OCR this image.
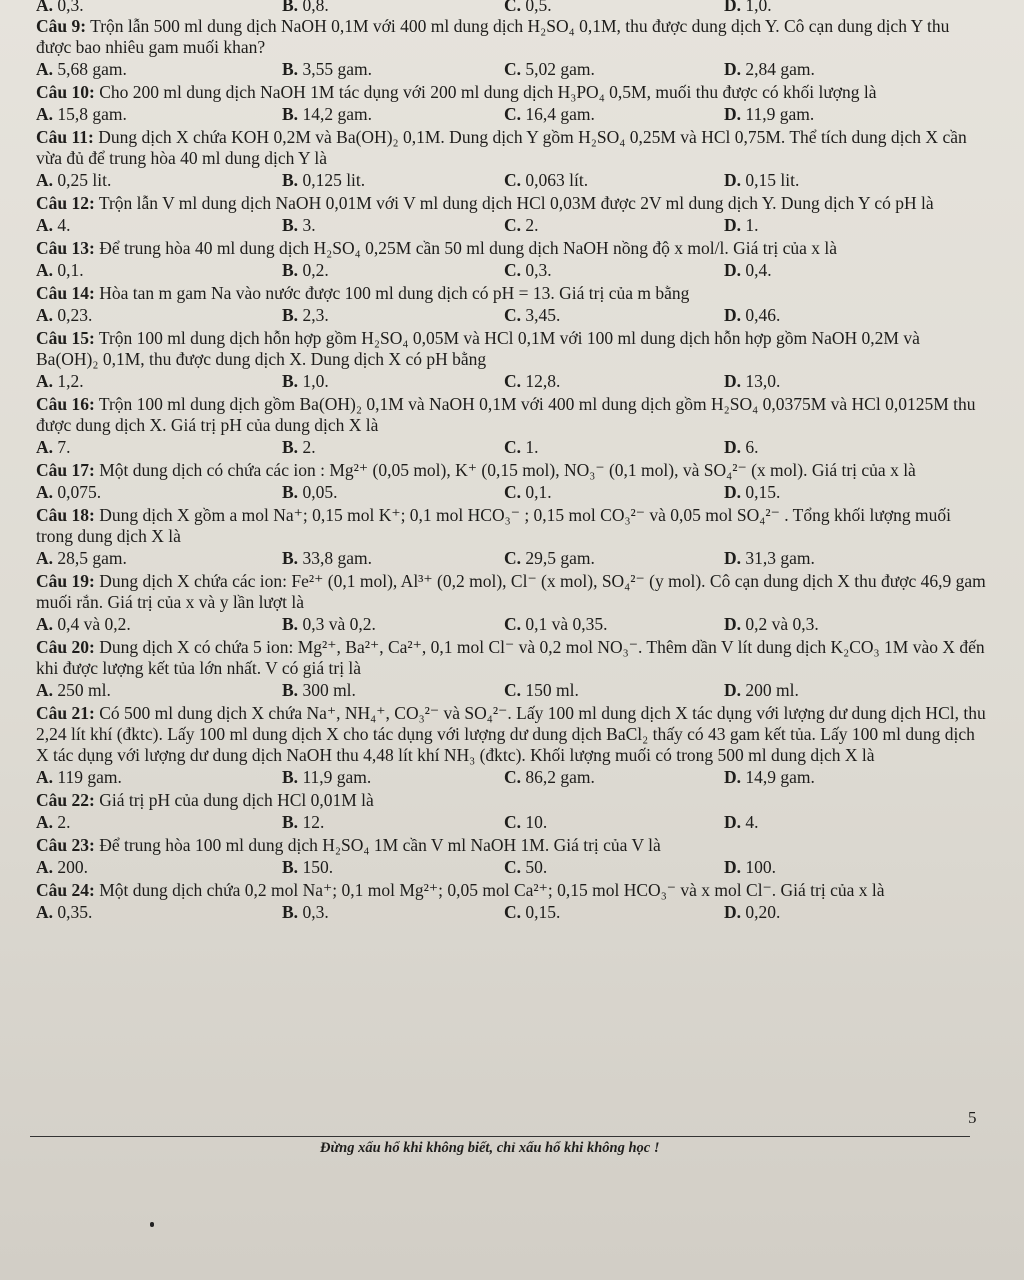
A. 0,3.	B. 0,8.	C. 0,5.	D. 1,0.

Câu 9: Trộn lẫn 500 ml dung dịch NaOH 0,1M với 400 ml dung dịch H₂SO₄ 0,1M, thu được dung dịch Y. Cô cạn dung dịch Y thu được bao nhiêu gam muối khan?

A. 5,68 gam.	B. 3,55 gam.	C. 5,02 gam.	D. 2,84 gam.

Câu 10: Cho 200 ml dung dịch NaOH 1M tác dụng với 200 ml dung dịch H₃PO₄ 0,5M, muối thu được có khối lượng là

A. 15,8 gam.	B. 14,2 gam.	C. 16,4 gam.	D. 11,9 gam.

Câu 11: Dung dịch X chứa KOH 0,2M và Ba(OH)₂ 0,1M. Dung dịch Y gồm H₂SO₄ 0,25M và HCl 0,75M. Thể tích dung dịch X cần vừa đủ để trung hòa 40 ml dung dịch Y là

A. 0,25 lit.	B. 0,125 lit.	C. 0,063 lít.	D. 0,15 lit.

Câu 12: Trộn lẫn V ml dung dịch NaOH 0,01M với V ml dung dịch HCl 0,03M được 2V ml dung dịch Y. Dung dịch Y có pH là

A. 4.	B. 3.	C. 2.	D. 1.

Câu 13: Để trung hòa 40 ml dung dịch H₂SO₄ 0,25M cần 50 ml dung dịch NaOH nồng độ x mol/l. Giá trị của x là

A. 0,1.	B. 0,2.	C. 0,3.	D. 0,4.

Câu 14: Hòa tan m gam Na vào nước được 100 ml dung dịch có pH = 13. Giá trị của m bằng

A. 0,23.	B. 2,3.	C. 3,45.	D. 0,46.

Câu 15: Trộn 100 ml dung dịch hỗn hợp gồm H₂SO₄ 0,05M và HCl 0,1M với 100 ml dung dịch hỗn hợp gồm NaOH 0,2M và Ba(OH)₂ 0,1M, thu được dung dịch X. Dung dịch X có pH bằng

A. 1,2.	B. 1,0.	C. 12,8.	D. 13,0.

Câu 16: Trộn 100 ml dung dịch gồm Ba(OH)₂ 0,1M và NaOH 0,1M với 400 ml dung dịch gồm H₂SO₄ 0,0375M và HCl 0,0125M thu được dung dịch X. Giá trị pH của dung dịch X là

A. 7.	B. 2.	C. 1.	D. 6.

Câu 17: Một dung dịch có chứa các ion : Mg²⁺ (0,05 mol), K⁺ (0,15 mol), NO₃⁻ (0,1 mol), và SO₄²⁻ (x mol). Giá trị của x là

A. 0,075.	B. 0,05.	C. 0,1.	D. 0,15.

Câu 18: Dung dịch X gồm a mol Na⁺; 0,15 mol K⁺; 0,1 mol HCO₃⁻ ; 0,15 mol CO₃²⁻ và 0,05 mol SO₄²⁻ . Tổng khối lượng muối trong dung dịch X là

A. 28,5 gam.	B. 33,8 gam.	C. 29,5 gam.	D. 31,3 gam.

Câu 19: Dung dịch X chứa các ion: Fe²⁺ (0,1 mol), Al³⁺ (0,2 mol), Cl⁻ (x mol), SO₄²⁻ (y mol). Cô cạn dung dịch X thu được 46,9 gam muối rắn. Giá trị của x và y lần lượt là

A. 0,4 và 0,2.	B. 0,3 và 0,2.	C. 0,1 và 0,35.	D. 0,2 và 0,3.

Câu 20: Dung dịch X có chứa 5 ion: Mg²⁺, Ba²⁺, Ca²⁺, 0,1 mol Cl⁻ và 0,2 mol NO₃⁻. Thêm dần V lít dung dịch K₂CO₃ 1M vào X đến khi được lượng kết tủa lớn nhất. V có giá trị là

A. 250 ml.	B. 300 ml.	C. 150 ml.	D. 200 ml.

Câu 21: Có 500 ml dung dịch X chứa Na⁺, NH₄⁺, CO₃²⁻ và SO₄²⁻. Lấy 100 ml dung dịch X tác dụng với lượng dư dung dịch HCl, thu 2,24 lít khí (đktc). Lấy 100 ml dung dịch X cho tác dụng với lượng dư dung dịch BaCl₂ thấy có 43 gam kết tủa. Lấy 100 ml dung dịch X tác dụng với lượng dư dung dịch NaOH thu 4,48 lít khí NH₃ (đktc). Khối lượng muối có trong 500 ml dung dịch X là

A. 119 gam.	B. 11,9 gam.	C. 86,2 gam.	D. 14,9 gam.

Câu 22: Giá trị pH của dung dịch HCl 0,01M là

A. 2.	B. 12.	C. 10.	D. 4.

Câu 23: Để trung hòa 100 ml dung dịch H₂SO₄ 1M cần V ml NaOH 1M. Giá trị của V là

A. 200.	B. 150.	C. 50.	D. 100.

Câu 24: Một dung dịch chứa 0,2 mol Na⁺; 0,1 mol Mg²⁺; 0,05 mol Ca²⁺; 0,15 mol HCO₃⁻ và x mol Cl⁻. Giá trị của x là

A. 0,35.	B. 0,3.	C. 0,15.	D. 0,20.
5
Đừng xấu hổ khi không biết, chỉ xấu hổ khi không học !
